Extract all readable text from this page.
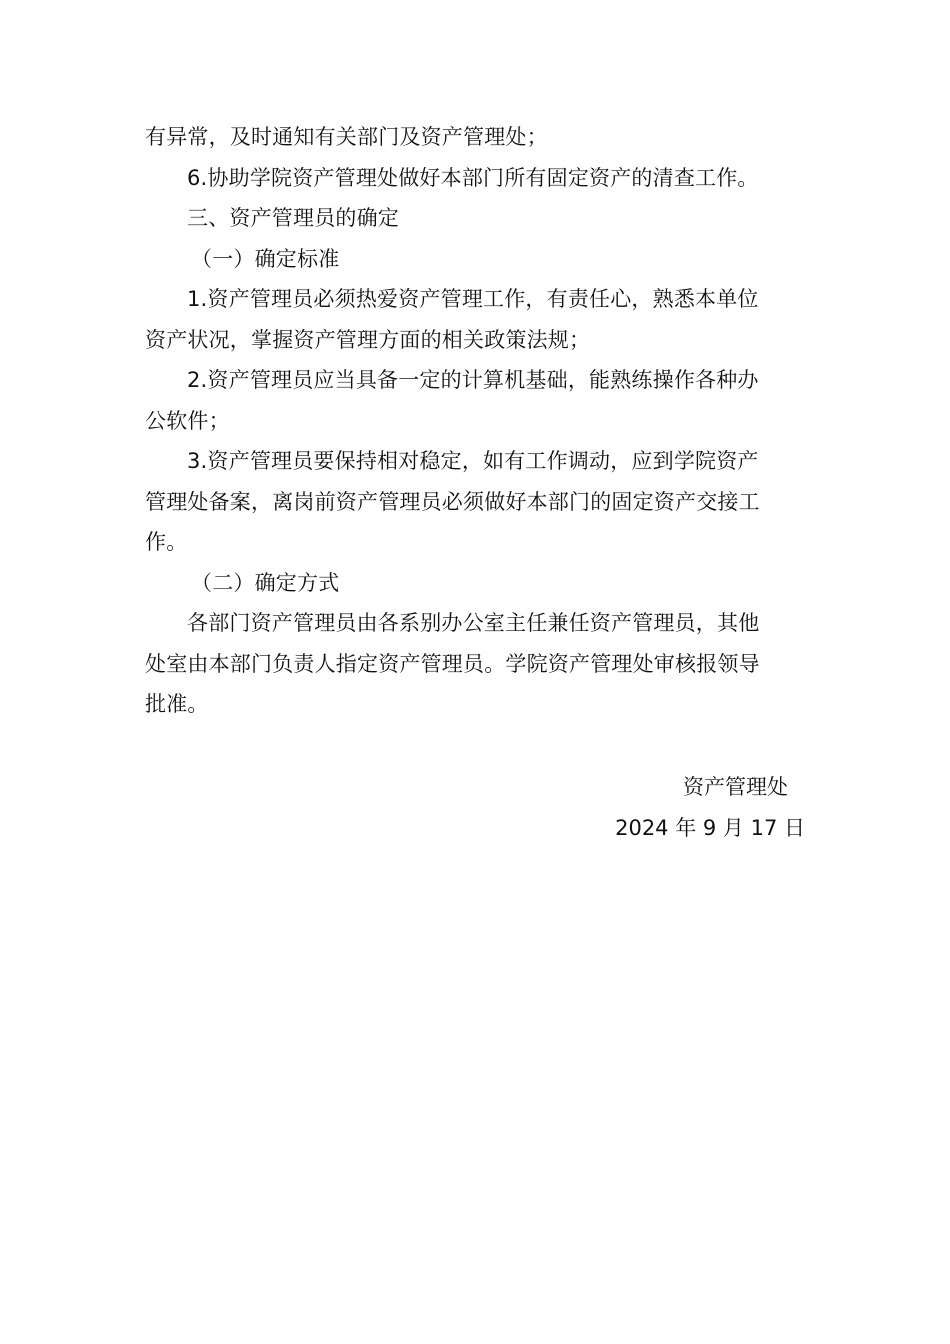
有异常，及时通知有关部门及资产管理处；
6.协助学院资产管理处做好本部门所有固定资产的清查工作。
三、资产管理员的确定
（一）确定标准
1.资产管理员必须热爱资产管理工作，有责任心，熟悉本单位
资产状况，掌握资产管理方面的相关政策法规；
2.资产管理员应当具备一定的计算机基础，能熟练操作各种办
公软件；
3.资产管理员要保持相对稳定，如有工作调动，应到学院资产
管理处备案，离岗前资产管理员必须做好本部门的固定资产交接工
作。
（二）确定方式
各部门资产管理员由各系别办公室主任兼任资产管理员，其他
处室由本部门负责人指定资产管理员。学院资产管理处审核报领导
批准。
资产管理处
2024 年 9 月 17 日
